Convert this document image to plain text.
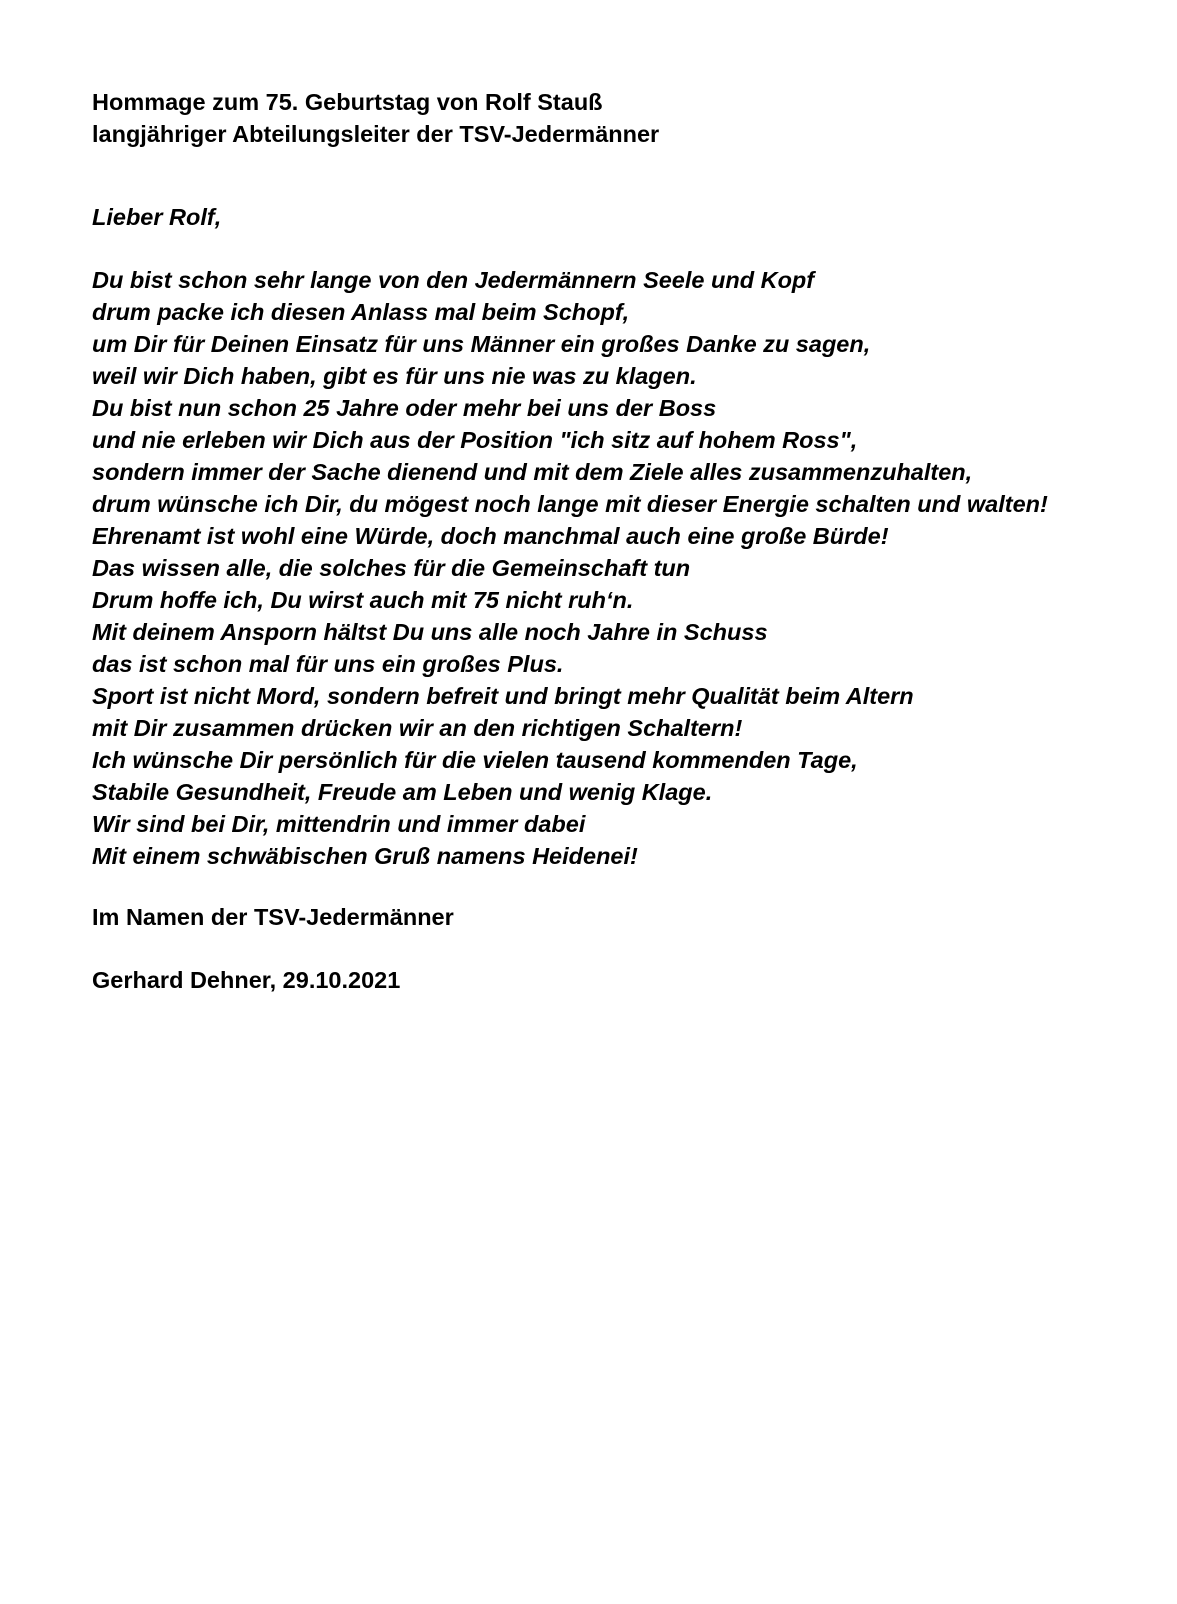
Hommage zum 75. Geburtstag von Rolf Stauß
langjähriger Abteilungsleiter der TSV-Jedermänner
Lieber Rolf,
Du bist schon sehr lange von den Jedermännern Seele und Kopf
drum packe ich diesen Anlass mal beim Schopf,
um Dir für Deinen Einsatz für uns Männer ein großes Danke zu sagen,
weil wir Dich haben, gibt es für uns nie was zu klagen.
Du bist nun schon 25 Jahre oder mehr bei uns der Boss
und nie erleben wir Dich aus der Position "ich sitz auf hohem Ross",
sondern immer der Sache dienend und mit dem Ziele alles zusammenzuhalten,
drum wünsche ich Dir, du mögest noch lange mit dieser Energie schalten und walten!
Ehrenamt ist wohl eine Würde, doch manchmal auch eine große Bürde!
Das wissen alle, die solches für die Gemeinschaft tun
Drum hoffe ich, Du wirst auch mit 75 nicht ruh‘n.
Mit deinem Ansporn hältst Du uns alle noch Jahre in Schuss
das ist schon mal für uns ein großes Plus.
Sport ist nicht Mord, sondern befreit und bringt mehr Qualität beim Altern
mit Dir zusammen drücken wir an den richtigen Schaltern!
Ich wünsche Dir persönlich für die vielen tausend kommenden Tage,
Stabile Gesundheit, Freude am Leben und wenig Klage.
Wir sind bei Dir, mittendrin und immer dabei
Mit einem schwäbischen Gruß namens Heidenei!
Im Namen der TSV-Jedermänner
Gerhard Dehner, 29.10.2021
